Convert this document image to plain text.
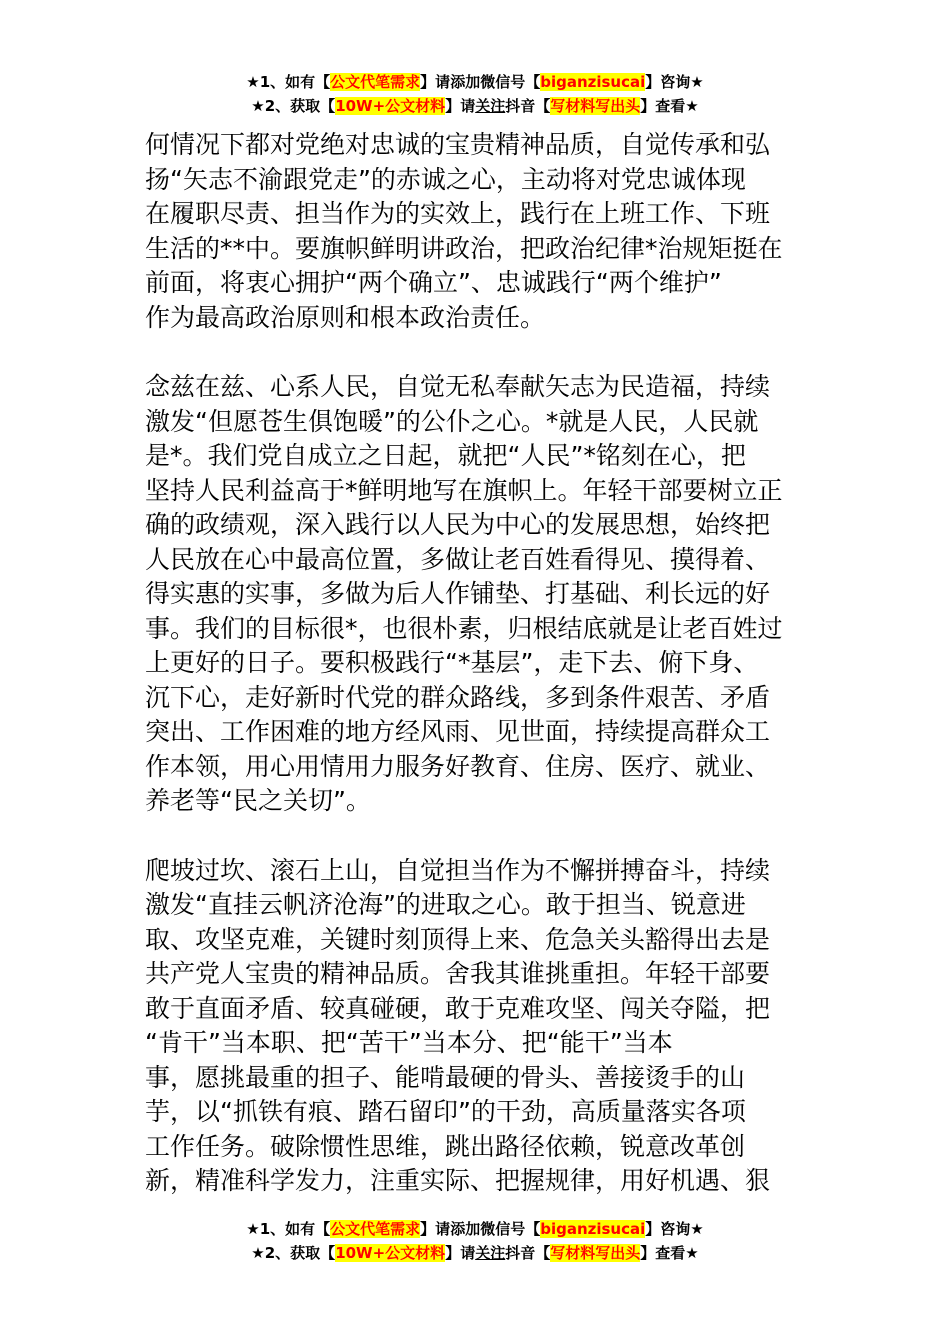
★1、如有【公文代笔需求】请添加微信号【biganzisucai】咨询★
★2、获取【10W+公文材料】请关注抖音【写材料写出头】查看★

何情况下都对党绝对忠诚的宝贵精神品质，自觉传承和弘
扬“矢志不渝跟党走”的赤诚之心，主动将对党忠诚体现
在履职尽责、担当作为的实效上，践行在上班工作、下班
生活的**中。要旗帜鲜明讲政治，把政治纪律*治规矩挺在
前面，将衷心拥护“两个确立”、忠诚践行“两个维护”
作为最高政治原则和根本政治责任。

念兹在兹、心系人民，自觉无私奉献矢志为民造福，持续
激发“但愿苍生俱饱暖”的公仆之心。*就是人民，人民就
是*。我们党自成立之日起，就把“人民”*铭刻在心，把
坚持人民利益高于*鲜明地写在旗帜上。年轻干部要树立正
确的政绩观，深入践行以人民为中心的发展思想，始终把
人民放在心中最高位置，多做让老百姓看得见、摸得着、
得实惠的实事，多做为后人作铺垫、打基础、利长远的好
事。我们的目标很*，也很朴素，归根结底就是让老百姓过
上更好的日子。要积极践行“*基层”，走下去、俯下身、
沉下心，走好新时代党的群众路线，多到条件艰苦、矛盾
突出、工作困难的地方经风雨、见世面，持续提高群众工
作本领，用心用情用力服务好教育、住房、医疗、就业、
养老等“民之关切”。

爬坡过坎、滚石上山，自觉担当作为不懈拼搏奋斗，持续
激发“直挂云帆济沧海”的进取之心。敢于担当、锐意进
取、攻坚克难，关键时刻顶得上来、危急关头豁得出去是
共产党人宝贵的精神品质。舍我其谁挑重担。年轻干部要
敢于直面矛盾、较真碰硬，敢于克难攻坚、闯关夺隘，把
“肯干”当本职、把“苦干”当本分、把“能干”当本
事，愿挑最重的担子、能啃最硬的骨头、善接烫手的山
芋，以“抓铁有痕、踏石留印”的干劲，高质量落实各项
工作任务。破除惯性思维，跳出路径依赖，锐意改革创
新，精准科学发力，注重实际、把握规律，用好机遇、狠

★1、如有【公文代笔需求】请添加微信号【biganzisucai】咨询★
★2、获取【10W+公文材料】请关注抖音【写材料写出头】查看★
